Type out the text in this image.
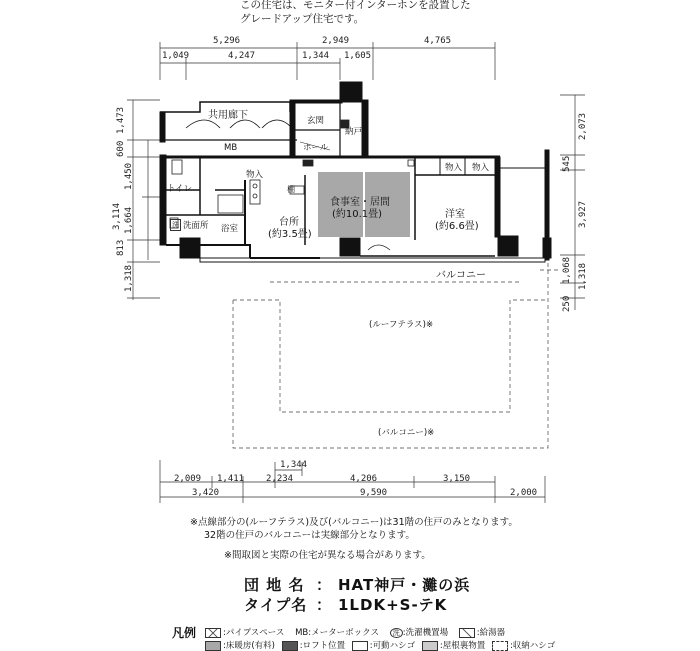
この住宅は、モニター付インターホンを設置した
グレードアップ住宅です。
5,296	2,949	4,765
1,049	4,247	1,344 1,605
1,473
600
1,450
3,114 1,664
813
1,318
2,073
545
3,927
1,068 1,318
250
共用廊下	玄関
納戸
ホール
MB
物入
物入 物入
トイレ
洗 洗面所 浴室
棚
台所
(約3.5畳)
食事室・居間
(約10.1畳)	洋室
(約6.6畳)
バルコニー
(ルーフテラス)※
(バルコニー)※
1,344
2,009 1,411 2,234	4,206	3,150
3,420	9,590	2,000
※点線部分の(ルーフテラス)及び(バルコニー)は31階の住戸のみとなります。
32階の住戸のバルコニーは実線部分となります。
※間取図と実際の住宅が異なる場合があります。
団 地 名 ： HAT神戸・灘の浜
タイプ名 ： 1LDK+S-テK
凡例	:パイプスペース MB:メーターボックス 洗 :洗濯機置場	:給湯器
:床暖房(有料)	:ロフト位置	:可動ハシゴ	:屋根裏物置	:収納ハシゴ
